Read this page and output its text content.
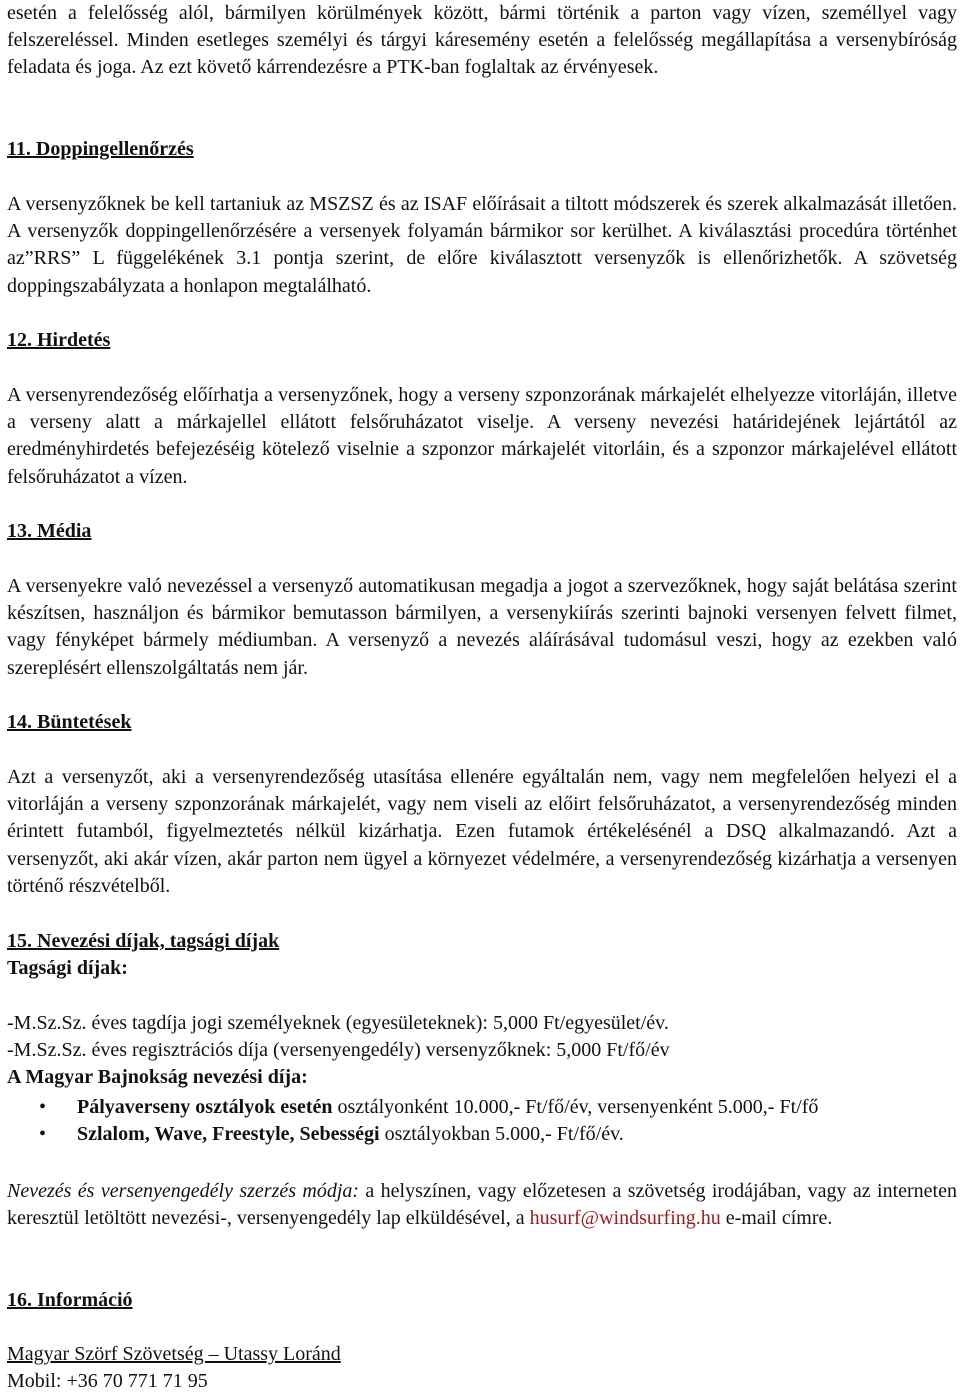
esetén a felelősség alól, bármilyen körülmények között, bármi történik a parton vagy vízen, személlyel vagy felszereléssel. Minden esetleges személyi és tárgyi káresemény esetén a felelősség megállapítása a versenybíróság feladata és joga. Az ezt követő kárrendezésre a PTK-ban foglaltak az érvényesek.

11. Doppingellenőrzés

A versenyzőknek be kell tartaniuk az MSZSZ és az ISAF előírásait a tiltott módszerek és szerek alkalmazását illetően. A versenyzők doppingellenőrzésére a versenyek folyamán bármikor sor kerülhet. A kiválasztási procedúra történhet az”RRS” L függelékének 3.1 pontja szerint, de előre kiválasztott versenyzők is ellenőrizhetők. A szövetség doppingszabályzata a honlapon megtalálható.

12. Hirdetés

A versenyrendezőség előírhatja a versenyzőnek, hogy a verseny szponzorának márkajelét elhelyezze vitorláján, illetve a verseny alatt a márkajellel ellátott felsőruházatot viselje. A verseny nevezési határidejének lejártától az eredményhirdetés befejezéséig kötelező viselnie a szponzor márkajelét vitorláin, és a szponzor márkajelével ellátott felsőruházatot a vízen.

13. Média

A versenyekre való nevezéssel a versenyző automatikusan megadja a jogot a szervezőknek, hogy saját belátása szerint készítsen, használjon és bármikor bemutasson bármilyen, a versenykiírás szerinti bajnoki versenyen felvett filmet, vagy fényképet bármely médiumban. A versenyző a nevezés aláírásával tudomásul veszi, hogy az ezekben való szereplésért ellenszolgáltatás nem jár.

14. Büntetések

Azt a versenyzőt, aki a versenyrendezőség utasítása ellenére egyáltalán nem, vagy nem megfelelően helyezi el a vitorláján a verseny szponzorának márkajelét, vagy nem viseli az előirt felsőruházatot, a versenyrendezőség minden érintett futamból, figyelmeztetés nélkül kizárhatja. Ezen futamok értékelésénél a DSQ alkalmazandó. Azt a versenyzőt, aki akár vízen, akár parton nem ügyel a környezet védelmére, a versenyrendezőség kizárhatja a versenyen történő részvételből.

15. Nevezési díjak, tagsági díjak
Tagsági díjak:
-M.Sz.Sz. éves tagdíja jogi személyeknek (egyesületeknek): 5,000 Ft/egyesület/év.
-M.Sz.Sz. éves regisztrációs díja (versenyengedély) versenyzőknek: 5,000 Ft/fő/év
A Magyar Bajnokság nevezési díja:
• Pályaverseny osztályok esetén osztályonként 10.000,- Ft/fő/év, versenyenként 5.000,- Ft/fő
• Szlalom, Wave, Freestyle, Sebességi osztályokban 5.000,- Ft/fő/év.

Nevezés és versenyengedély szerzés módja: a helyszínen, vagy előzetesen a szövetség irodájában, vagy az interneten keresztül letöltött nevezési-, versenyengedély lap elküldésével, a husurf@windsurfing.hu e-mail címre.

16. Információ
Magyar Szörf Szövetség – Utassy Loránd
Mobil: +36 70 771 71 95
